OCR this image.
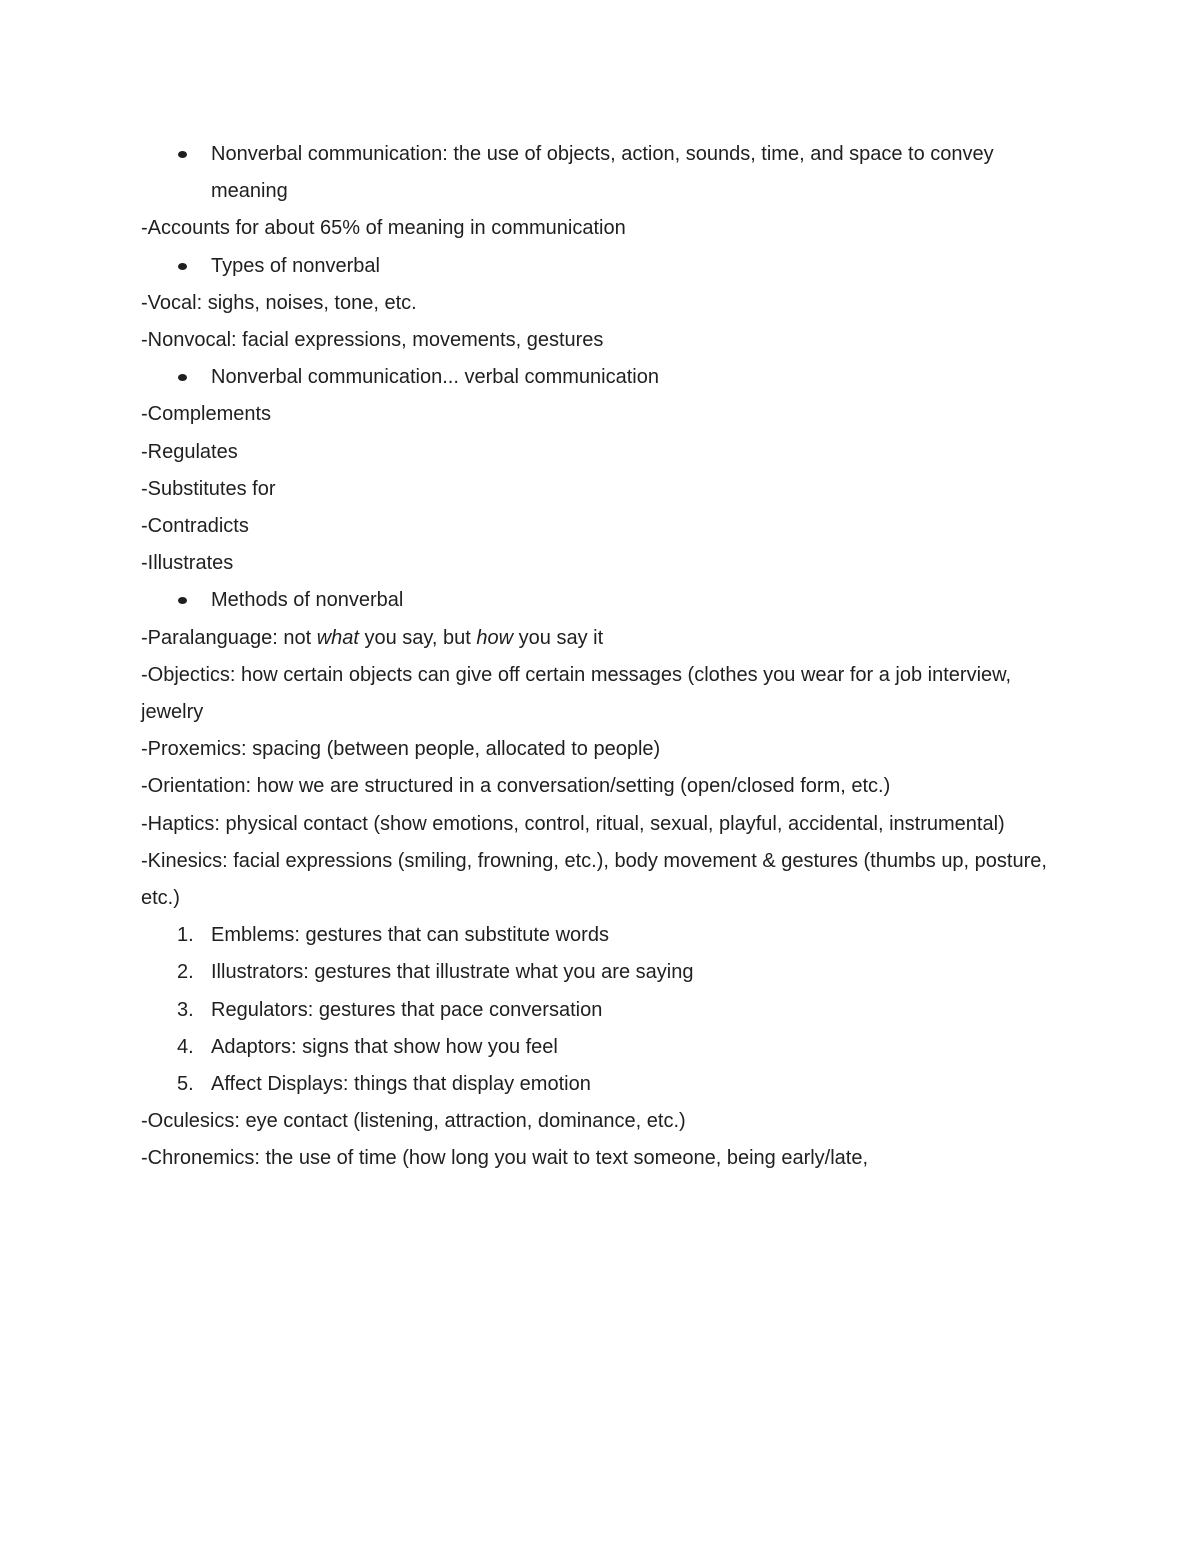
Nonverbal communication: the use of objects, action, sounds, time, and space to convey meaning
-Accounts for about 65% of meaning in communication
Types of nonverbal
-Vocal: sighs, noises, tone, etc.
-Nonvocal: facial expressions, movements, gestures
Nonverbal communication... verbal communication
-Complements
-Regulates
-Substitutes for
-Contradicts
-Illustrates
Methods of nonverbal
-Paralanguage: not what you say, but how you say it
-Objectics: how certain objects can give off certain messages (clothes you wear for a job interview, jewelry
-Proxemics: spacing (between people, allocated to people)
-Orientation: how we are structured in a conversation/setting (open/closed form, etc.)
-Haptics: physical contact (show emotions, control, ritual, sexual, playful, accidental, instrumental)
-Kinesics: facial expressions (smiling, frowning, etc.), body movement & gestures (thumbs up, posture, etc.)
1. Emblems: gestures that can substitute words
2. Illustrators: gestures that illustrate what you are saying
3. Regulators: gestures that pace conversation
4. Adaptors: signs that show how you feel
5. Affect Displays: things that display emotion
-Oculesics: eye contact (listening, attraction, dominance, etc.)
-Chronemics: the use of time (how long you wait to text someone, being early/late,
